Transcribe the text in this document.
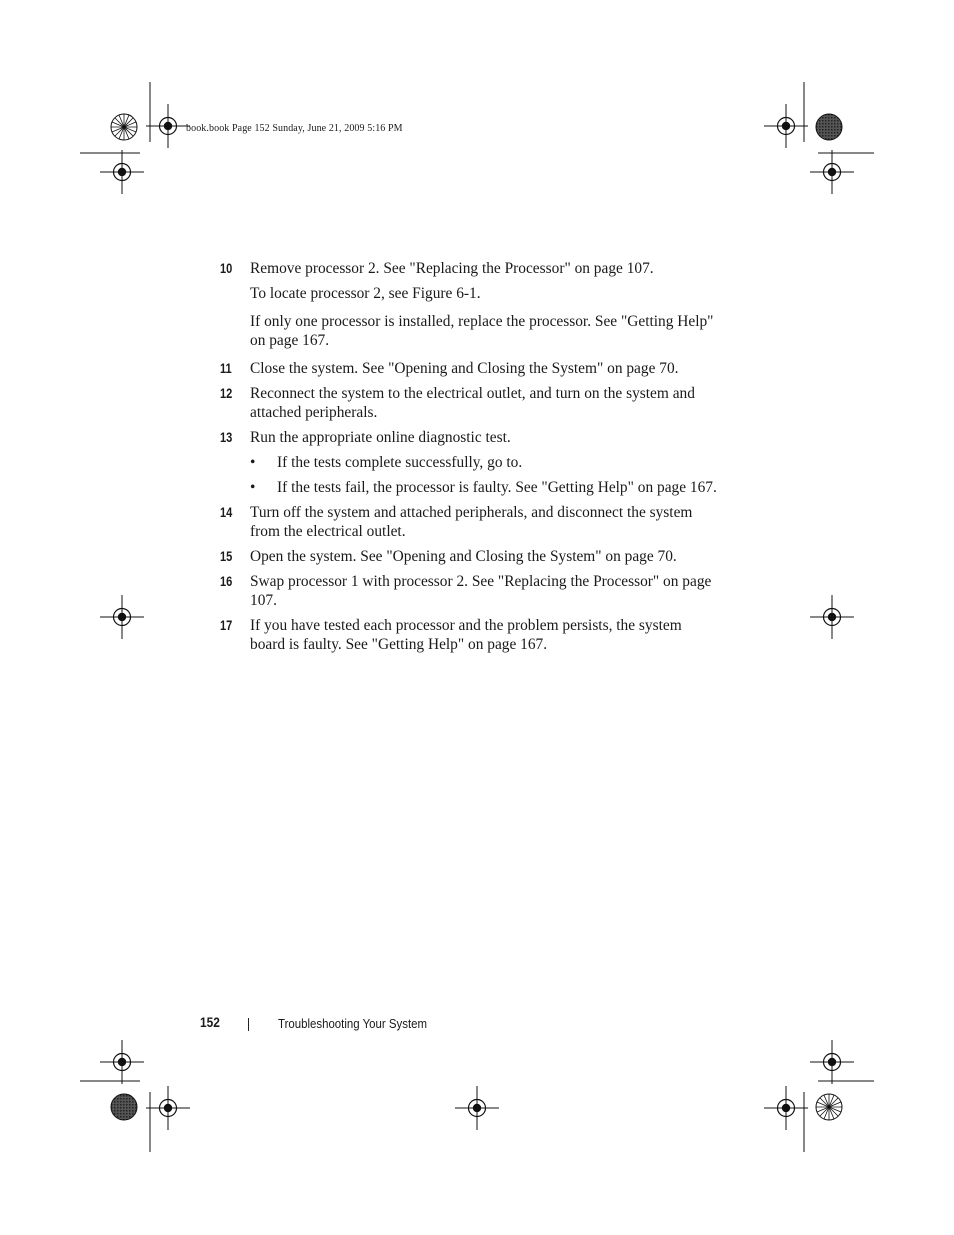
book.book Page 152 Sunday, June 21, 2009 5:16 PM
10 Remove processor 2. See "Replacing the Processor" on page 107.
To locate processor 2, see Figure 6-1.
If only one processor is installed, replace the processor. See "Getting Help" on page 167.
11 Close the system. See "Opening and Closing the System" on page 70.
12 Reconnect the system to the electrical outlet, and turn on the system and attached peripherals.
13 Run the appropriate online diagnostic test.
• If the tests complete successfully, go to.
• If the tests fail, the processor is faulty. See "Getting Help" on page 167.
14 Turn off the system and attached peripherals, and disconnect the system from the electrical outlet.
15 Open the system. See "Opening and Closing the System" on page 70.
16 Swap processor 1 with processor 2. See "Replacing the Processor" on page 107.
17 If you have tested each processor and the problem persists, the system board is faulty. See "Getting Help" on page 167.
152	Troubleshooting Your System
